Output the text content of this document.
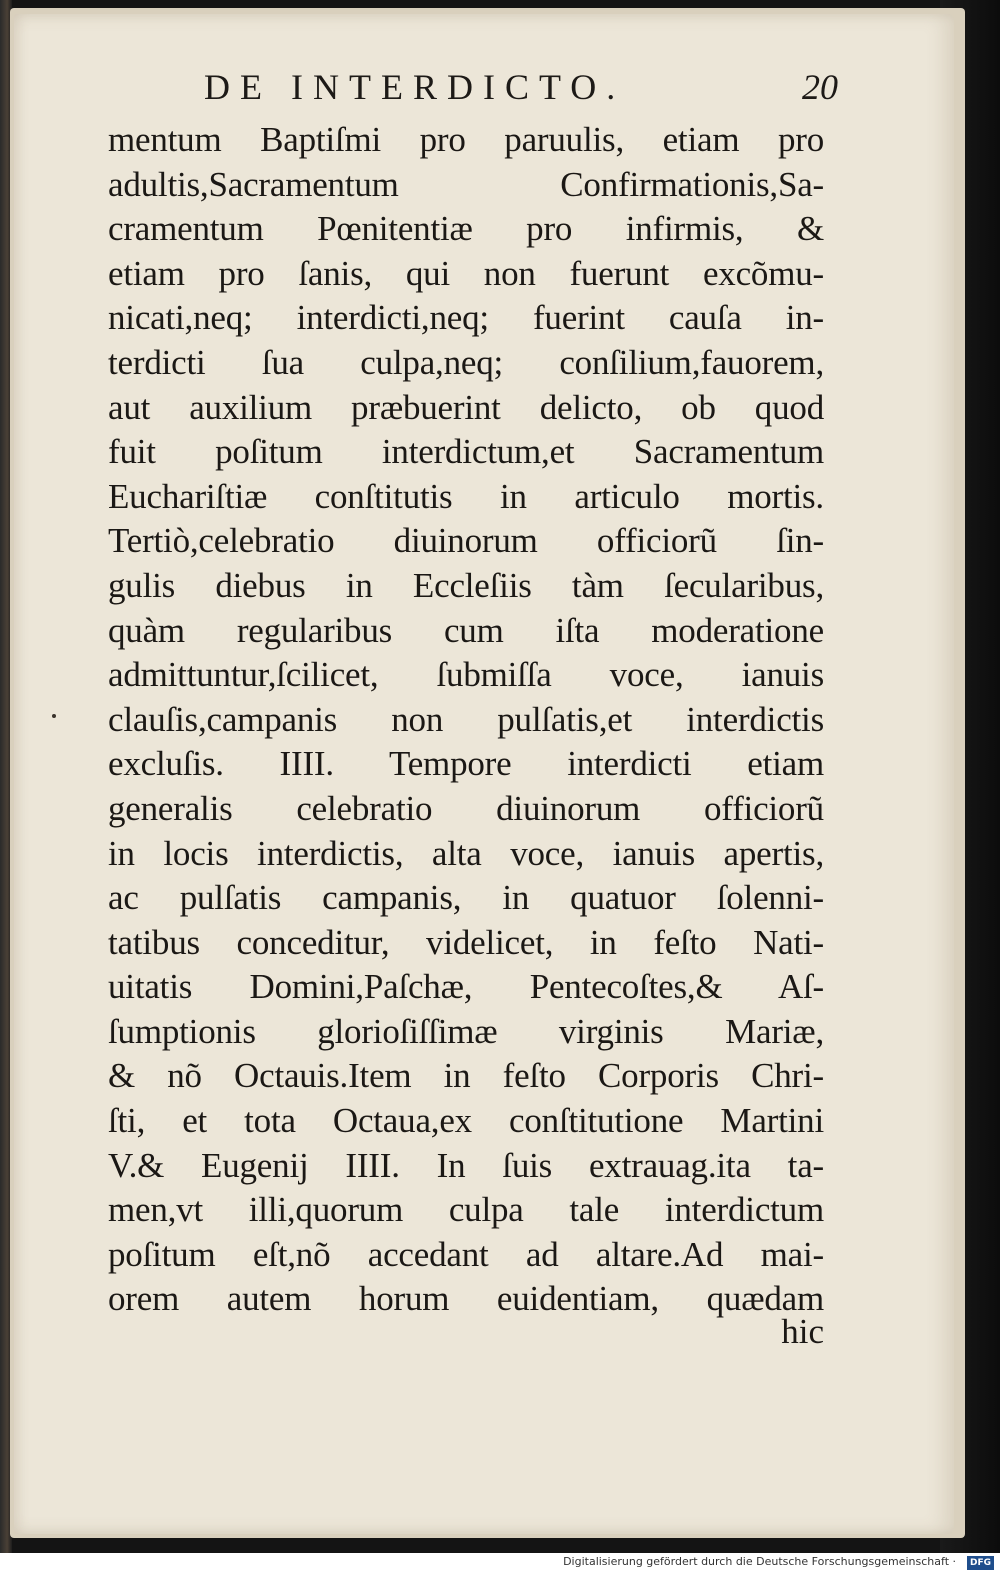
DE INTERDICTO.	20
mentum Baptiſmi pro paruulis, etiam pro
adultis,Sacramentum Confirmationis,Sa-
cramentum Pœnitentiæ pro infirmis, &
etiam pro ſanis, qui non fuerunt excõmu-
nicati,neq; interdicti,neq; fuerint cauſa in-
terdicti ſua culpa,neq; conſilium,fauorem,
aut auxilium præbuerint delicto, ob quod
fuit poſitum interdictum,et Sacramentum
Euchariſtiæ conſtitutis in articulo mortis.
Tertiò,celebratio diuinorum officiorũ ſin-
gulis diebus in Eccleſiis tàm ſecularibus,
quàm regularibus cum iſta moderatione
admittuntur,ſcilicet, ſubmiſſa voce, ianuis
clauſis,campanis non pulſatis,et interdictis
excluſis. IIII. Tempore interdicti etiam
generalis celebratio diuinorum officiorũ
in locis interdictis, alta voce, ianuis apertis,
ac pulſatis campanis, in quatuor ſolenni-
tatibus conceditur, videlicet, in feſto Nati-
uitatis Domini,Paſchæ, Pentecoſtes,& Aſ-
ſumptionis glorioſiſſimæ virginis Mariæ,
& nõ Octauis.Item in feſto Corporis Chri-
ſti, et tota Octaua,ex conſtitutione Martini
V.& Eugenij IIII. In ſuis extrauag.ita ta-
men,vt illi,quorum culpa tale interdictum
poſitum eſt,nõ accedant ad altare.Ad mai-
orem autem horum euidentiam, quædam
hic
Digitalisierung gefördert durch die Deutsche Forschungsgemeinschaft ·	DFG
